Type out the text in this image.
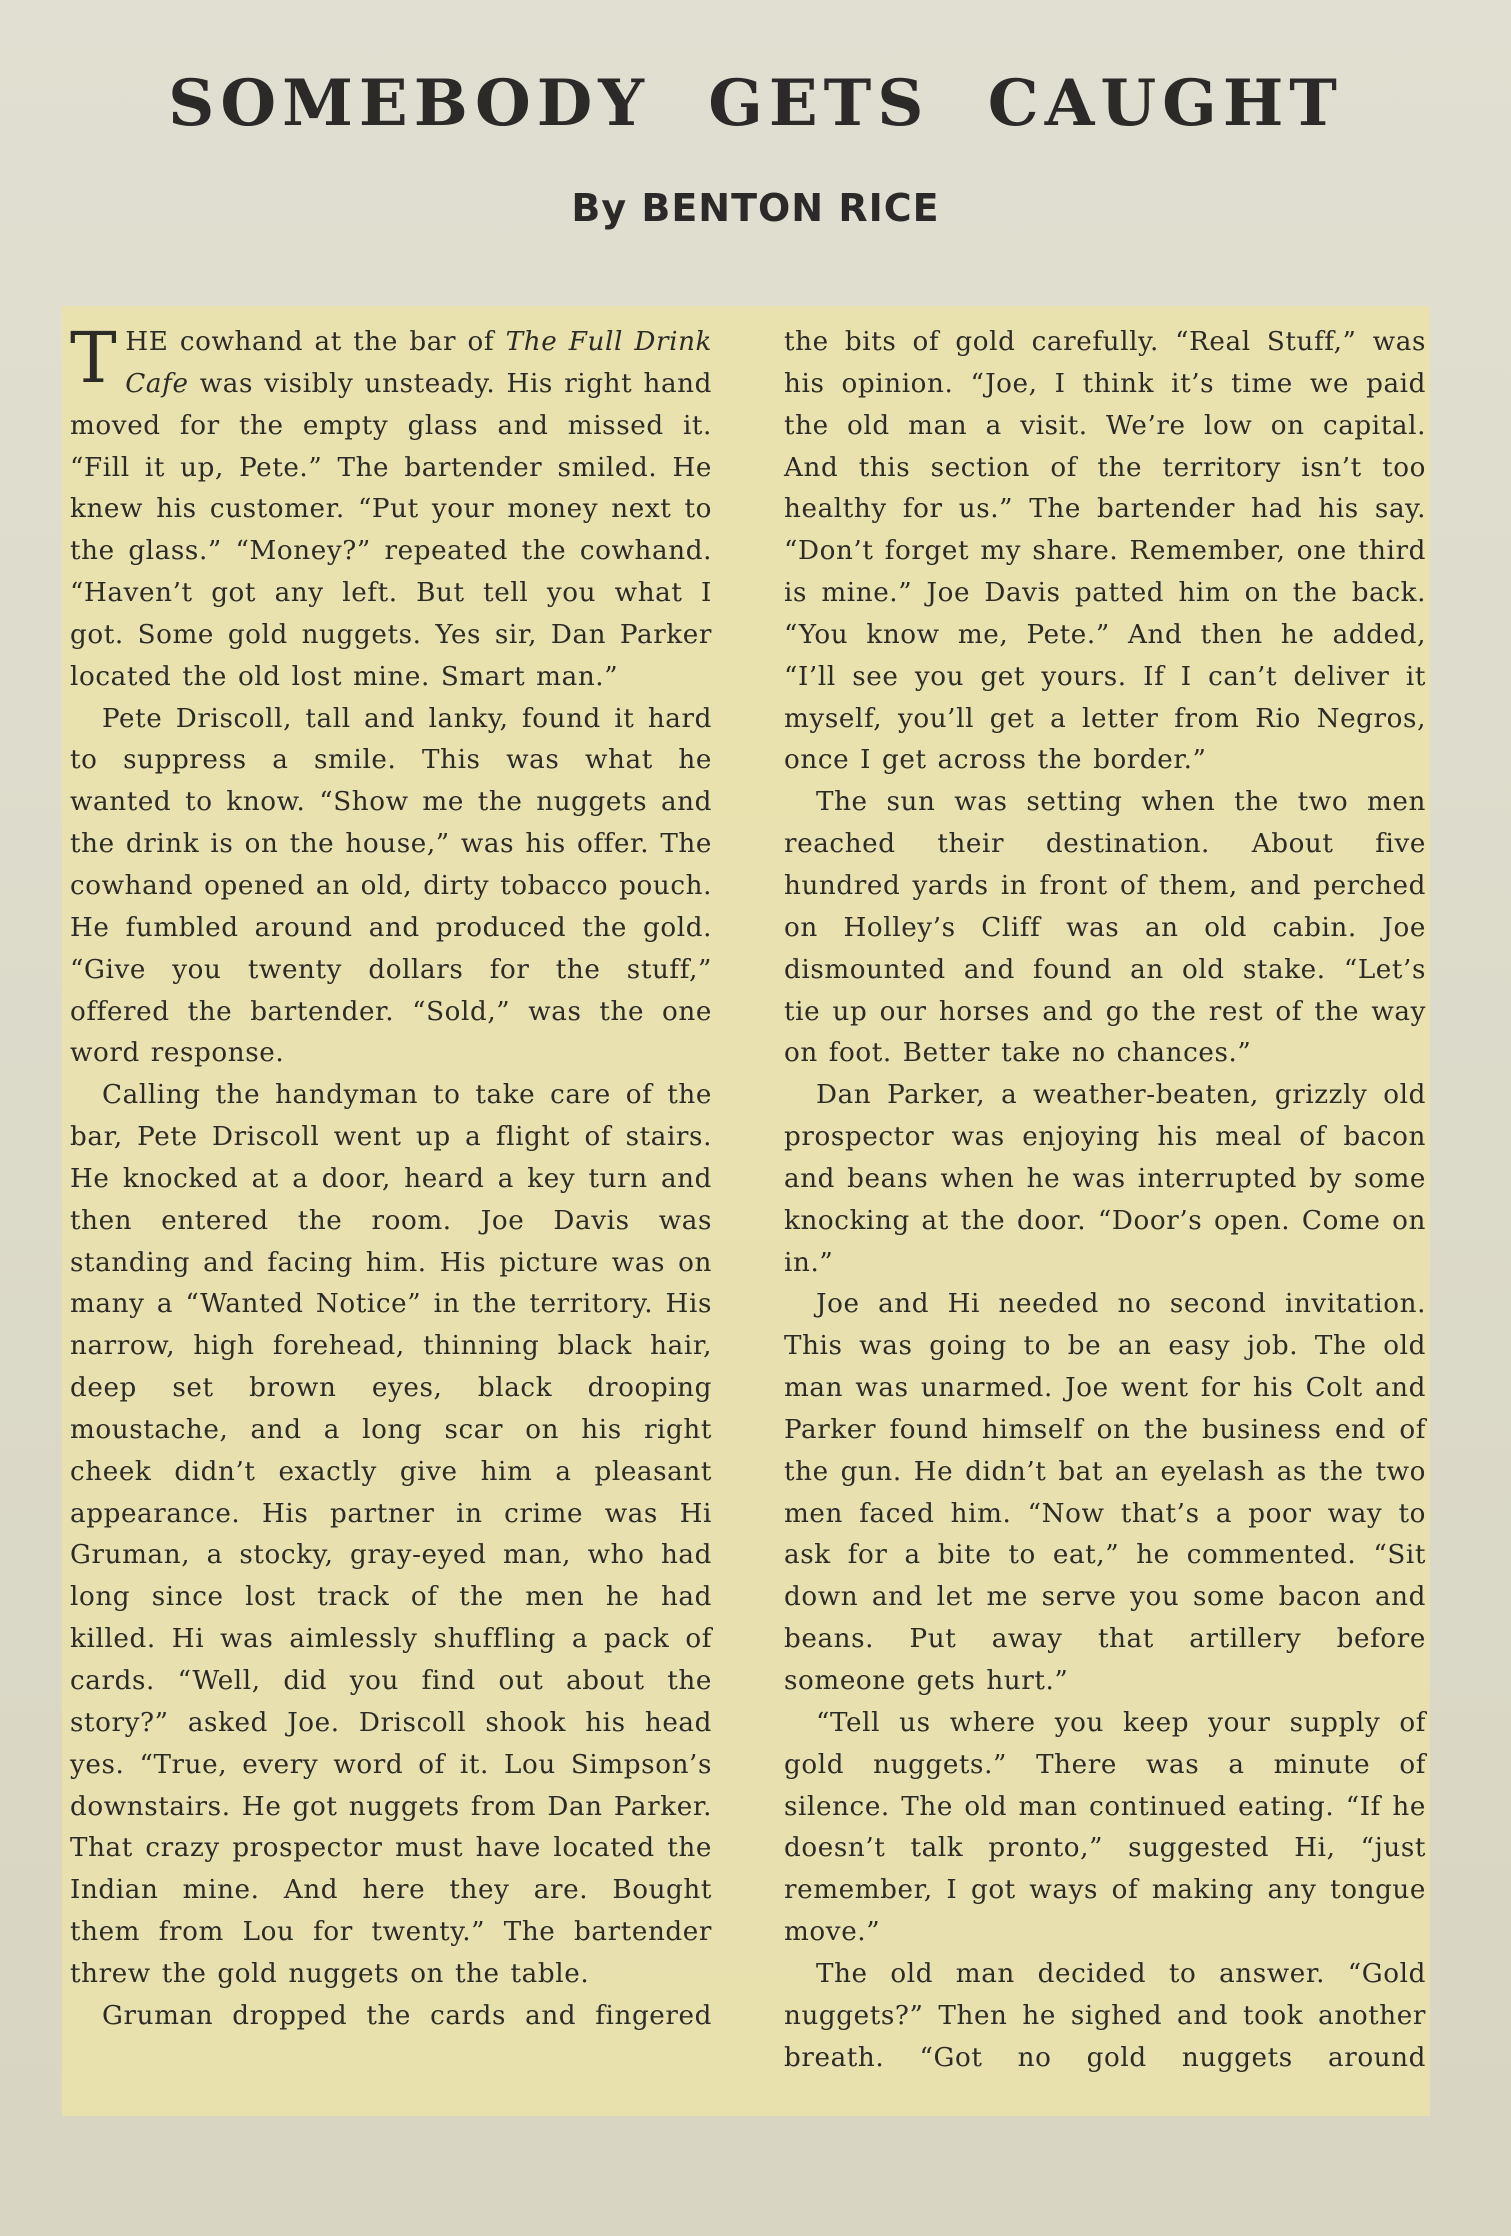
SOMEBODY GETS CAUGHT
By BENTON RICE

THE cowhand at the bar of The Full Drink Cafe was visibly unsteady. His right hand moved for the empty glass and missed it. “Fill it up, Pete.” The bartender smiled. He knew his customer. “Put your money next to the glass.” “Money?” repeated the cowhand. “Haven’t got any left. But tell you what I got. Some gold nuggets. Yes sir, Dan Parker located the old lost mine. Smart man.”

Pete Driscoll, tall and lanky, found it hard to suppress a smile. This was what he wanted to know. “Show me the nuggets and the drink is on the house,” was his offer. The cowhand opened an old, dirty tobacco pouch. He fumbled around and produced the gold. “Give you twenty dollars for the stuff,” offered the bartender. “Sold,” was the one word response.

Calling the handyman to take care of the bar, Pete Driscoll went up a flight of stairs. He knocked at a door, heard a key turn and then entered the room. Joe Davis was standing and facing him. His picture was on many a “Wanted Notice” in the territory. His narrow, high forehead, thinning black hair, deep set brown eyes, black drooping moustache, and a long scar on his right cheek didn’t exactly give him a pleasant appearance. His partner in crime was Hi Gruman, a stocky, gray-eyed man, who had long since lost track of the men he had killed. Hi was aimlessly shuffling a pack of cards. “Well, did you find out about the story?” asked Joe. Driscoll shook his head yes. “True, every word of it. Lou Simpson’s downstairs. He got nuggets from Dan Parker. That crazy prospector must have located the Indian mine. And here they are. Bought them from Lou for twenty.” The bartender threw the gold nuggets on the table.

Gruman dropped the cards and fingered

the bits of gold carefully. “Real Stuff,” was his opinion. “Joe, I think it’s time we paid the old man a visit. We’re low on capital. And this section of the territory isn’t too healthy for us.” The bartender had his say. “Don’t forget my share. Remember, one third is mine.” Joe Davis patted him on the back. “You know me, Pete.” And then he added, “I’ll see you get yours. If I can’t deliver it myself, you’ll get a letter from Rio Negros, once I get across the border.”

The sun was setting when the two men reached their destination. About five hundred yards in front of them, and perched on Holley’s Cliff was an old cabin. Joe dismounted and found an old stake. “Let’s tie up our horses and go the rest of the way on foot. Better take no chances.”

Dan Parker, a weather-beaten, grizzly old prospector was enjoying his meal of bacon and beans when he was interrupted by some knocking at the door. “Door’s open. Come on in.”

Joe and Hi needed no second invitation. This was going to be an easy job. The old man was unarmed. Joe went for his Colt and Parker found himself on the business end of the gun. He didn’t bat an eyelash as the two men faced him. “Now that’s a poor way to ask for a bite to eat,” he commented. “Sit down and let me serve you some bacon and beans. Put away that artillery before someone gets hurt.”

“Tell us where you keep your supply of gold nuggets.” There was a minute of silence. The old man continued eating. “If he doesn’t talk pronto,” suggested Hi, “just remember, I got ways of making any tongue move.”

The old man decided to answer. “Gold nuggets?” Then he sighed and took another breath. “Got no gold nuggets around
